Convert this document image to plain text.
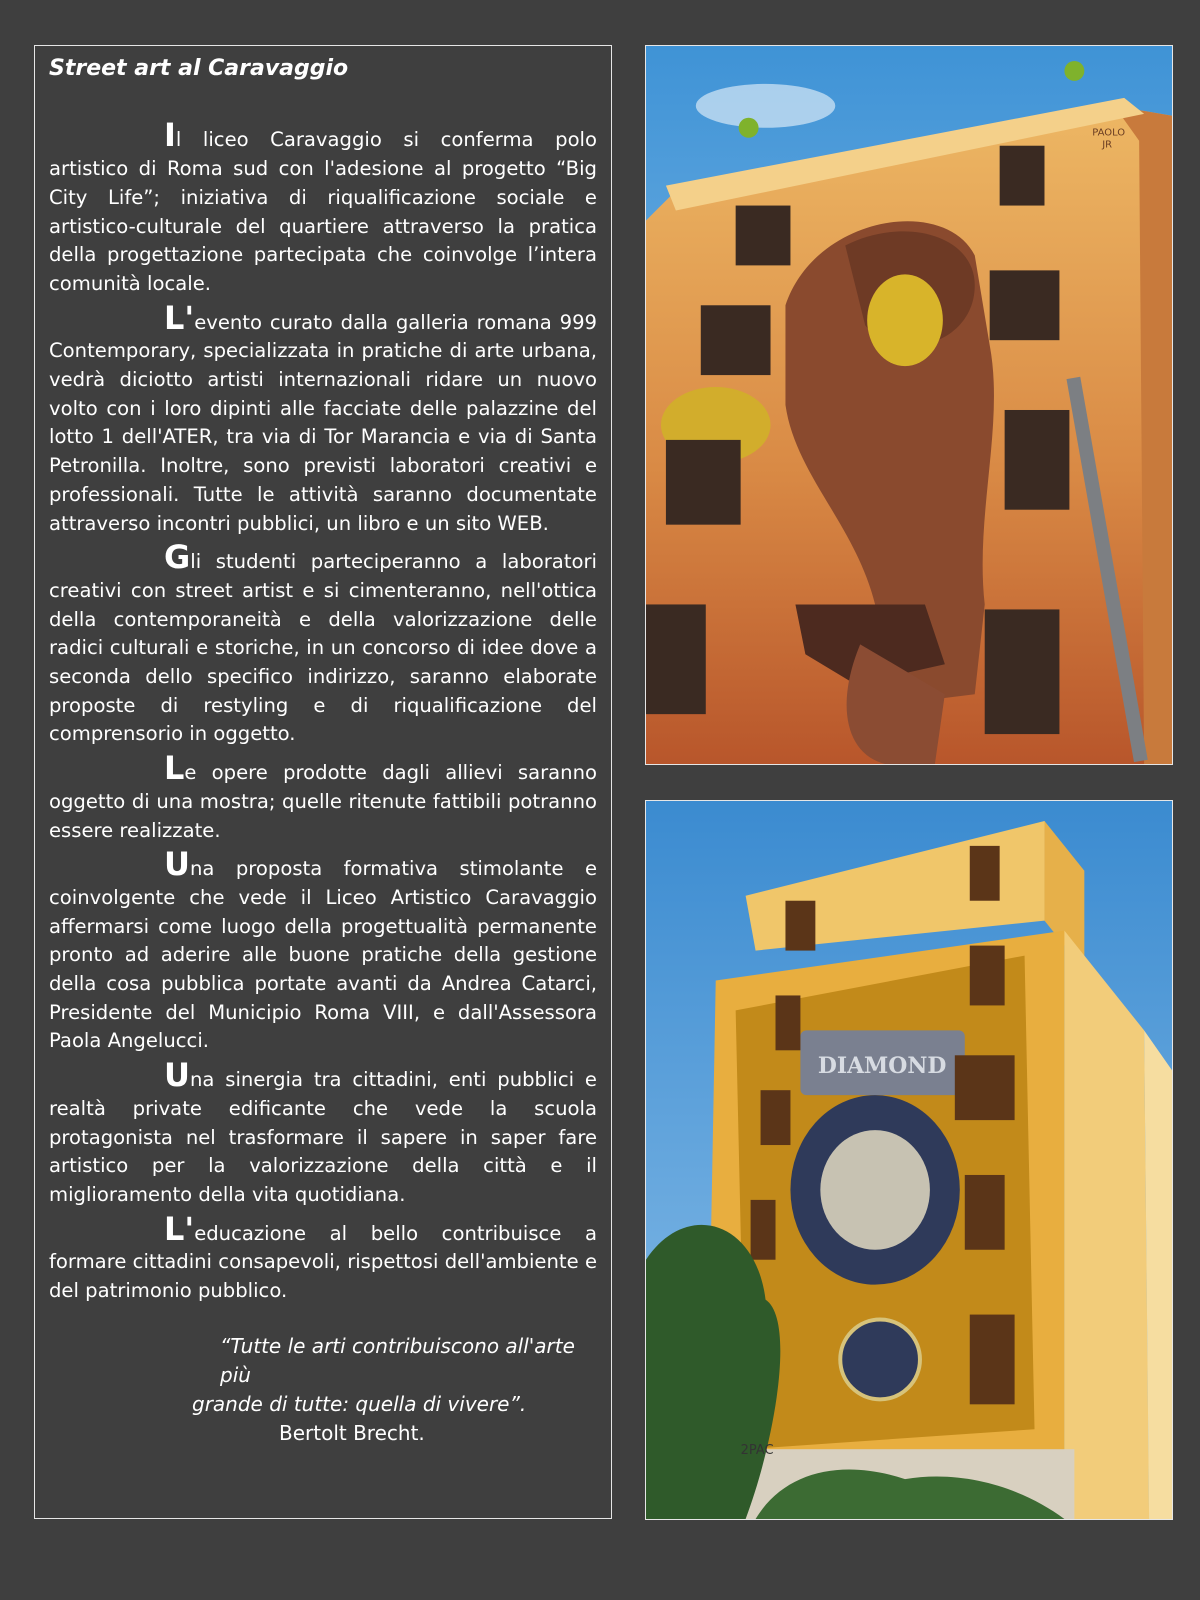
Street art al Caravaggio

Il liceo Caravaggio si conferma polo artistico di Roma sud con l'adesione al progetto “Big City Life”; iniziativa di riqualificazione sociale e artistico-culturale del quartiere attraverso la pratica della progettazione partecipata che coinvolge l’intera comunità locale.

L'evento curato dalla galleria romana 999 Contemporary, specializzata in pratiche di arte urbana, vedrà diciotto artisti internazionali ridare un nuovo volto con i loro dipinti alle facciate delle palazzine del lotto 1 dell'ATER, tra via di Tor Marancia e via di Santa Petronilla. Inoltre, sono previsti laboratori creativi e professionali. Tutte le attività saranno documentate attraverso incontri pubblici, un libro e un sito WEB.

Gli studenti parteciperanno a laboratori creativi con street artist e si cimenteranno, nell'ottica della contemporaneità e della valorizzazione delle radici culturali e storiche, in un concorso di idee dove a seconda dello specifico indirizzo, saranno elaborate proposte di restyling e di riqualificazione del comprensorio in oggetto.

Le opere prodotte dagli allievi saranno oggetto di una mostra; quelle ritenute fattibili potranno essere realizzate.

Una proposta formativa stimolante e coinvolgente che vede il Liceo Artistico Caravaggio affermarsi come luogo della progettualità permanente pronto ad aderire alle buone pratiche della gestione della cosa pubblica portate avanti da Andrea Catarci, Presidente del Municipio Roma VIII, e dall'Assessora Paola Angelucci.

Una sinergia tra cittadini, enti pubblici e realtà private edificante che vede la scuola protagonista nel trasformare il sapere in saper fare artistico per la valorizzazione della città e il miglioramento della vita quotidiana.

L'educazione al bello contribuisce a formare cittadini consapevoli, rispettosi dell'ambiente e del patrimonio pubblico.

“Tutte le arti contribuiscono all'arte più
grande di tutte: quella di vivere”.
Bertolt Brecht.
PAOLO JR
DIAMOND
2PAC
